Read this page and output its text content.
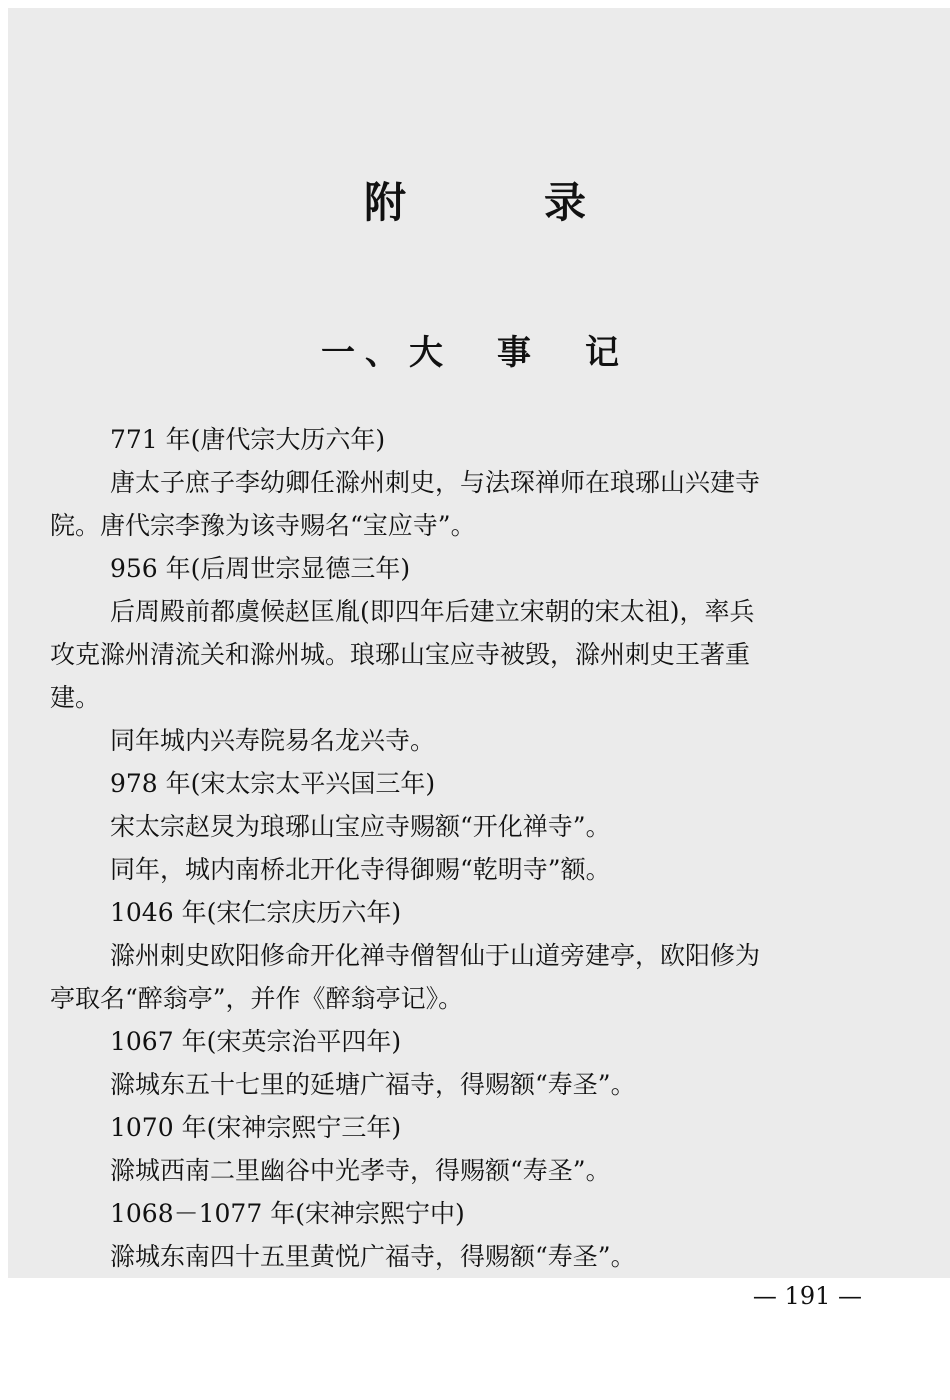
附　录
一、大　事　记

771 年(唐代宗大历六年)

唐太子庶子李幼卿任滁州刺史，与法琛禅师在琅琊山兴建寺

院。唐代宗李豫为该寺赐名“宝应寺”。

956 年(后周世宗显德三年)

后周殿前都虞候赵匡胤(即四年后建立宋朝的宋太祖)，率兵

攻克滁州清流关和滁州城。琅琊山宝应寺被毁，滁州刺史王著重

建。

同年城内兴寿院易名龙兴寺。

978 年(宋太宗太平兴国三年)

宋太宗赵炅为琅琊山宝应寺赐额“开化禅寺”。

同年，城内南桥北开化寺得御赐“乾明寺”额。

1046 年(宋仁宗庆历六年)

滁州刺史欧阳修命开化禅寺僧智仙于山道旁建亭，欧阳修为

亭取名“醉翁亭”，并作《醉翁亭记》。

1067 年(宋英宗治平四年)

滁城东五十七里的延塘广福寺，得赐额“寿圣”。

1070 年(宋神宗熙宁三年)

滁城西南二里幽谷中光孝寺，得赐额“寿圣”。

1068－1077 年(宋神宗熙宁中)

滁城东南四十五里黄悦广福寺，得赐额“寿圣”。

— 191 —
